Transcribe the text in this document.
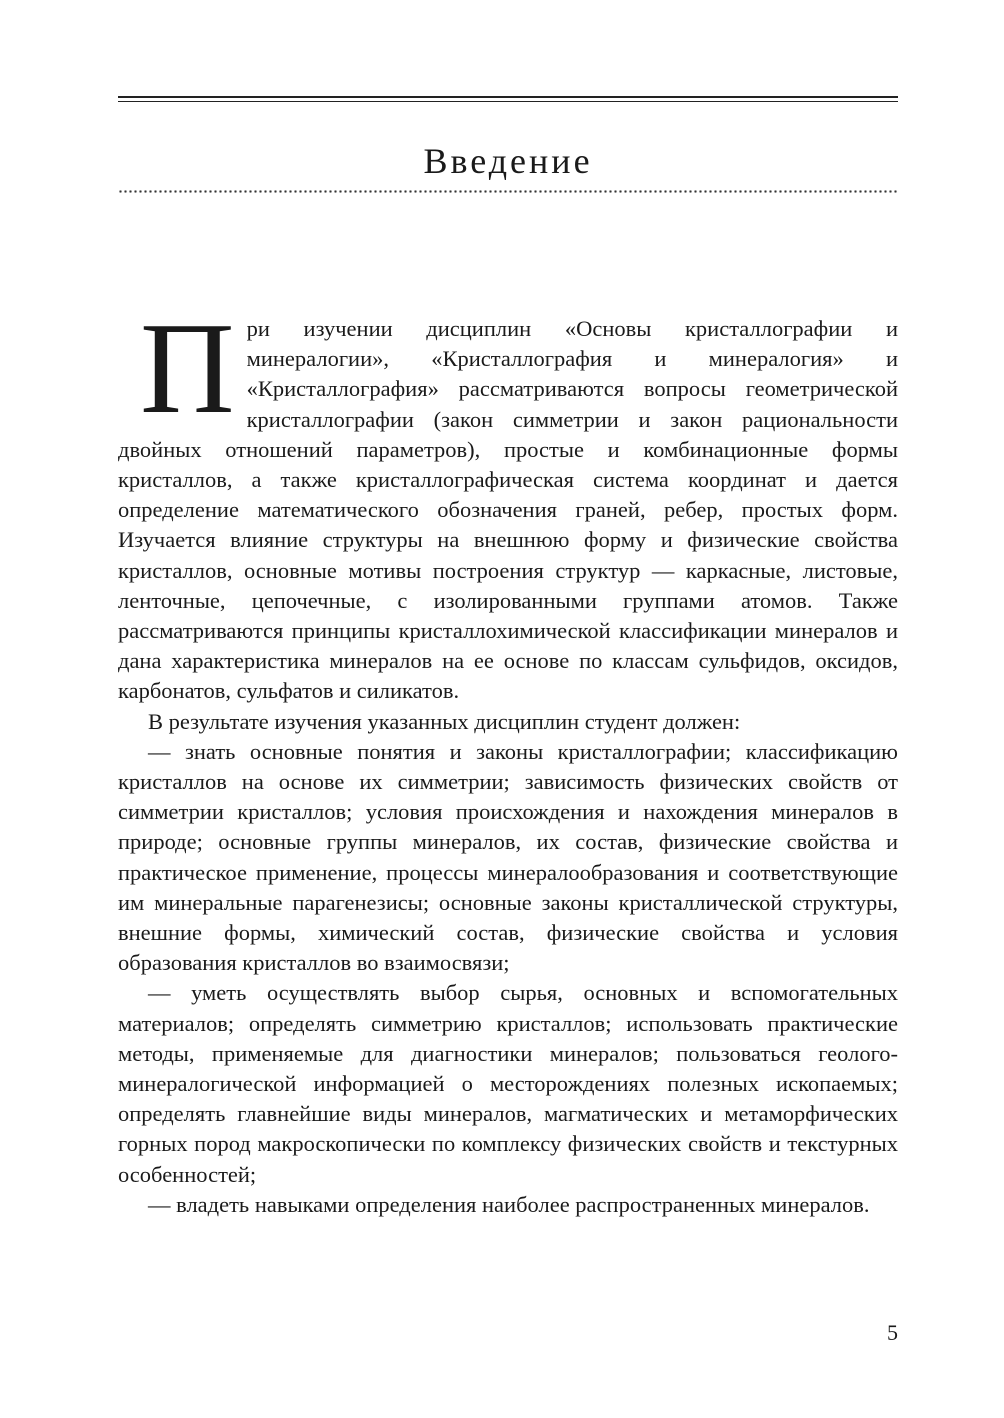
Введение

При изучении дисциплин «Основы кристаллографии и минералогии», «Кристаллография и минералогия» и «Кристаллография» рассматриваются вопросы геометрической кристаллографии (закон симметрии и закон рациональности двойных отношений параметров), простые и комбинационные формы кристаллов, а также кристаллографическая система координат и дается определение математического обозначения граней, ребер, простых форм. Изучается влияние структуры на внешнюю форму и физические свойства кристаллов, основные мотивы построения структур — каркасные, листовые, ленточные, цепочечные, с изолированными группами атомов. Также рассматриваются принципы кристаллохимической классификации минералов и дана характеристика минералов на ее основе по классам сульфидов, оксидов, карбонатов, сульфатов и силикатов.

В результате изучения указанных дисциплин студент должен:

— знать основные понятия и законы кристаллографии; классификацию кристаллов на основе их симметрии; зависимость физических свойств от симметрии кристаллов; условия происхождения и нахождения минералов в природе; основные группы минералов, их состав, физические свойства и практическое применение, процессы минералообразования и соответствующие им минеральные парагенезисы; основные законы кристаллической структуры, внешние формы, химический состав, физические свойства и условия образования кристаллов во взаимосвязи;

— уметь осуществлять выбор сырья, основных и вспомогательных материалов; определять симметрию кристаллов; использовать практические методы, применяемые для диагностики минералов; пользоваться геолого-минералогической информацией о месторождениях полезных ископаемых; определять главнейшие виды минералов, магматических и метаморфических горных пород макроскопически по комплексу физических свойств и текстурных особенностей;

— владеть навыками определения наиболее распространенных минералов.

5
